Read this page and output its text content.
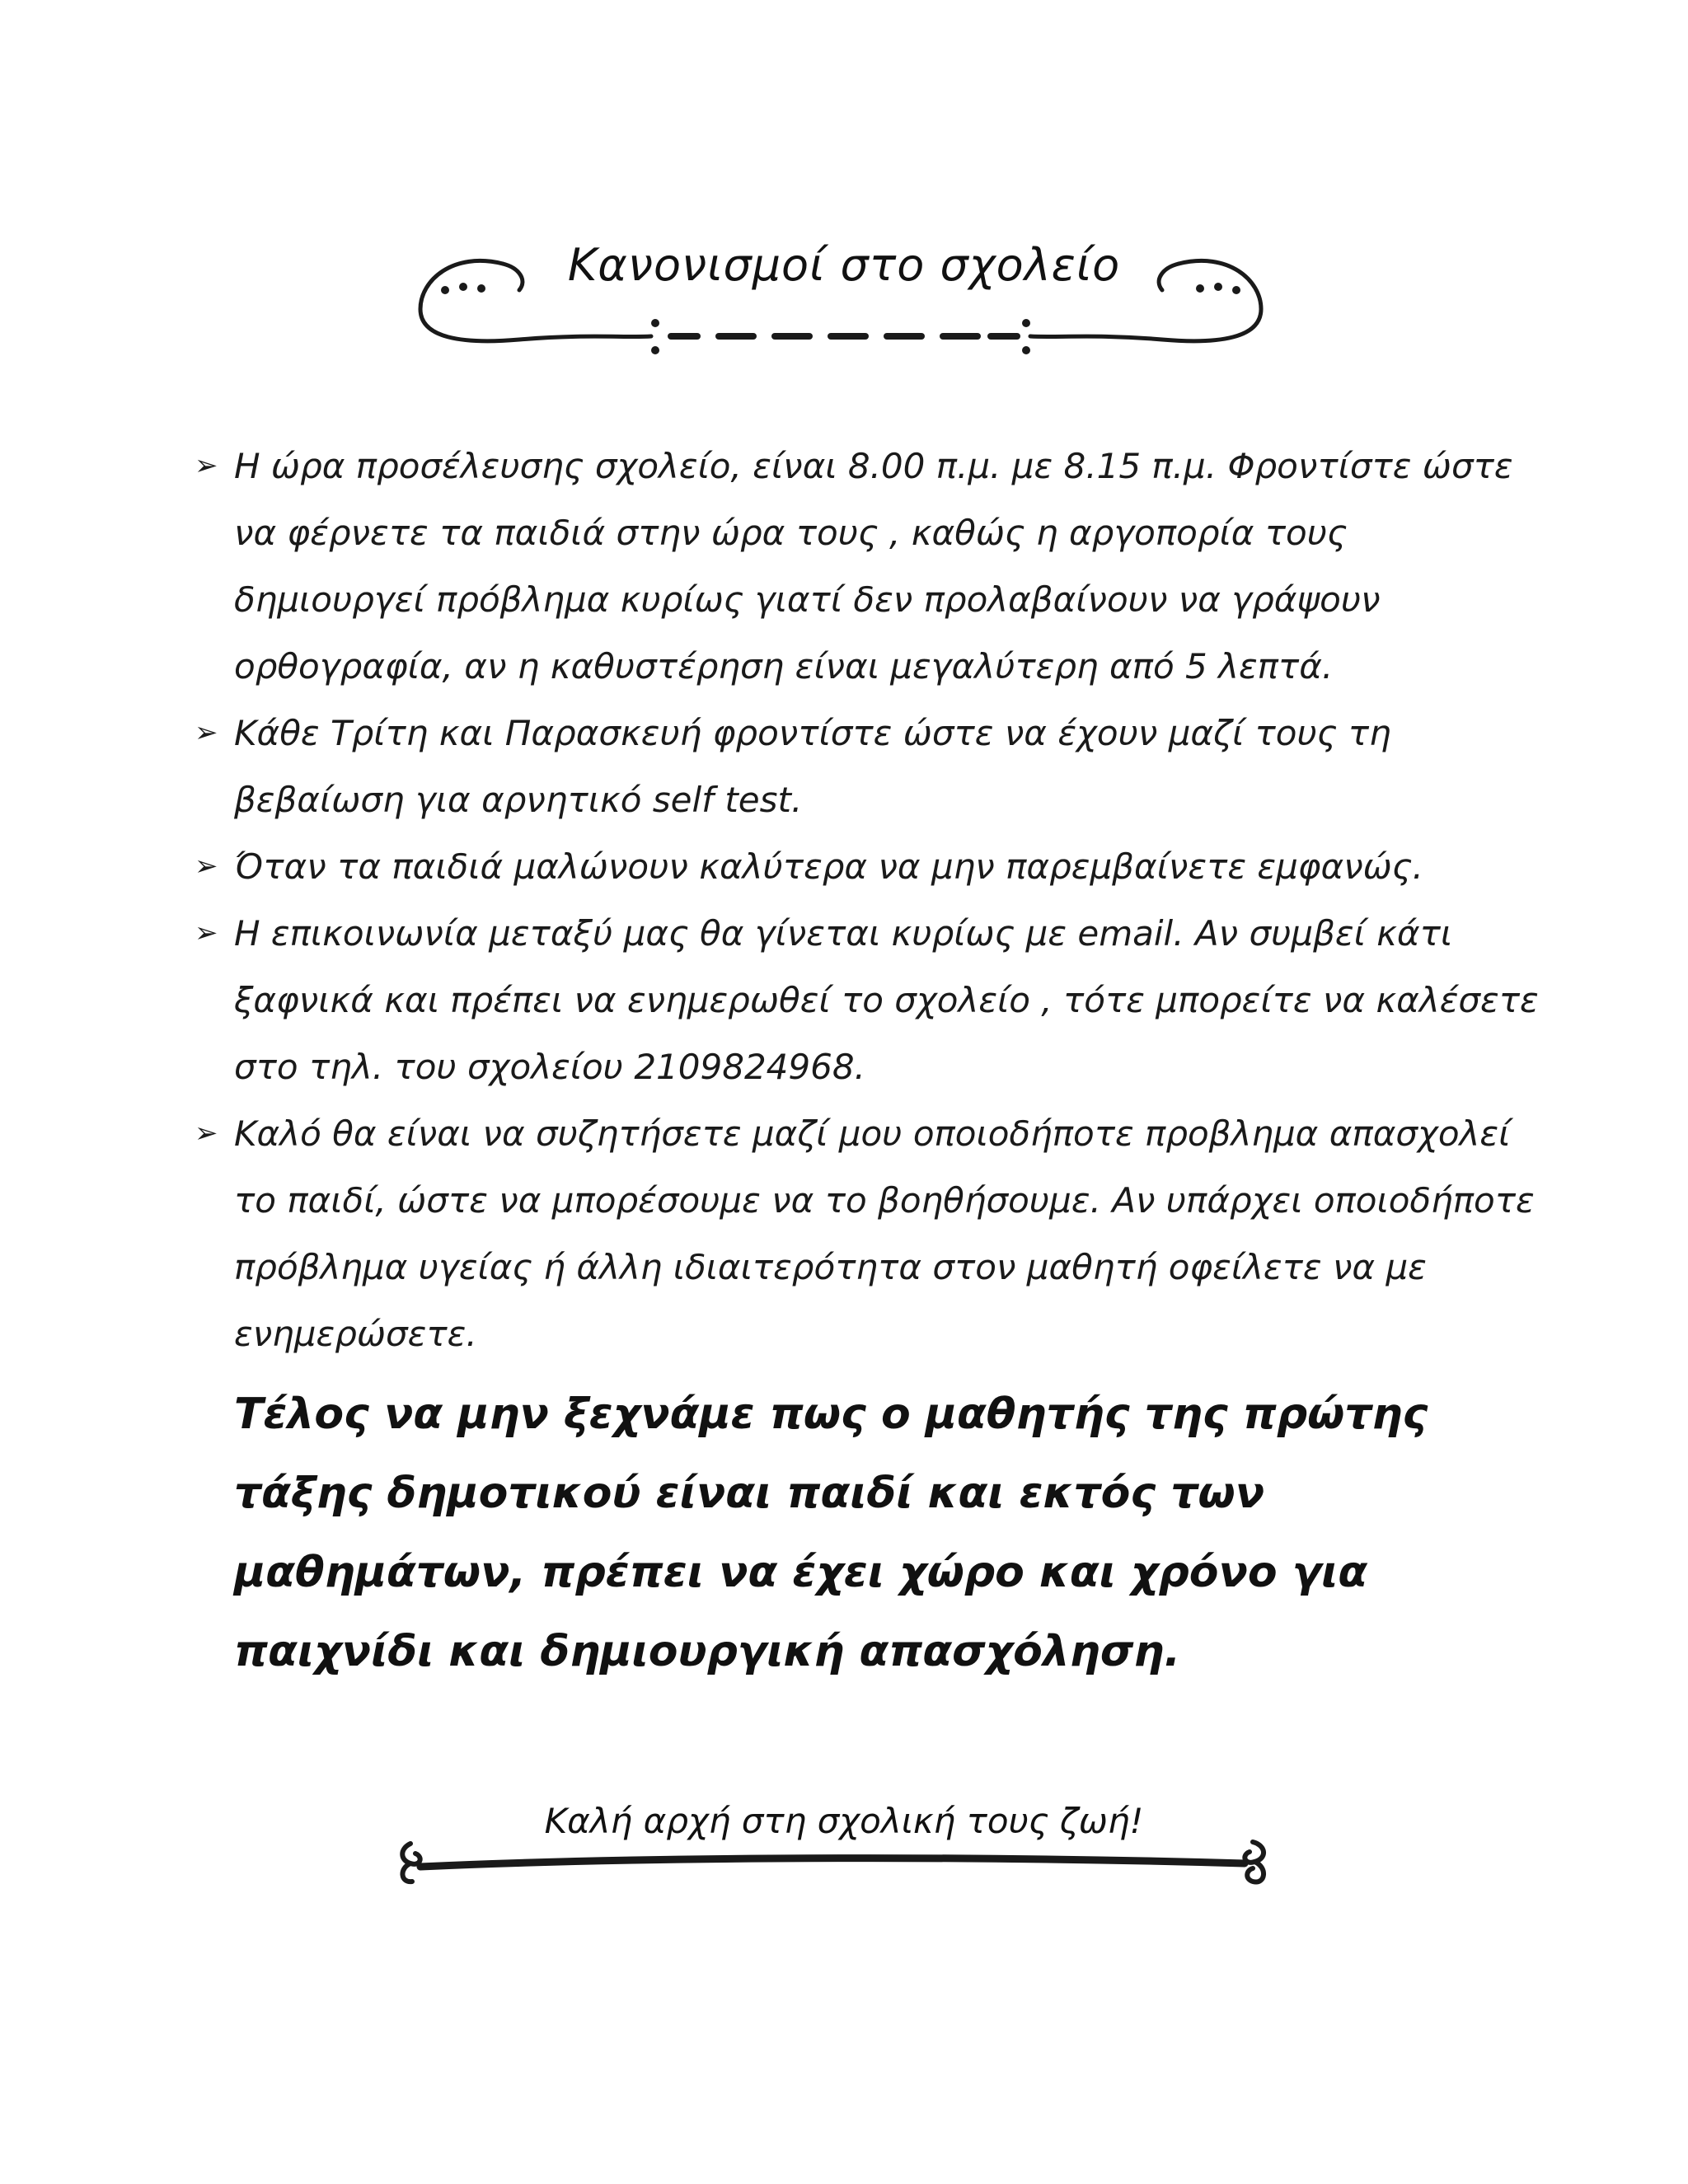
Κανονισμοί στο σχολείο
➢ Η ώρα προσέλευσης σχολείο, είναι 8.00 π.μ. με 8.15 π.μ. Φροντίστε ώστε να φέρνετε τα παιδιά στην ώρα τους , καθώς η αργοπορία τους δημιουργεί πρόβλημα κυρίως γιατί δεν προλαβαίνουν να γράψουν ορθογραφία, αν η καθυστέρηση είναι μεγαλύτερη από 5 λεπτά.
➢ Κάθε Τρίτη και Παρασκευή φροντίστε ώστε να έχουν μαζί τους τη βεβαίωση για αρνητικό self test.
➢ Όταν τα παιδιά μαλώνουν καλύτερα να μην παρεμβαίνετε εμφανώς.
➢ Η επικοινωνία μεταξύ μας θα γίνεται κυρίως με email. Αν συμβεί κάτι ξαφνικά και πρέπει να ενημερωθεί το σχολείο , τότε μπορείτε να καλέσετε στο τηλ. του σχολείου 2109824968.
➢ Καλό θα είναι να συζητήσετε μαζί μου οποιοδήποτε προβλημα απασχολεί το παιδί, ώστε να μπορέσουμε να το βοηθήσουμε. Αν υπάρχει οποιοδήποτε πρόβλημα υγείας ή άλλη ιδιαιτερότητα στον μαθητή οφείλετε να με ενημερώσετε.
Τέλος να μην ξεχνάμε πως ο μαθητής της πρώτης τάξης δημοτικού είναι παιδί και εκτός των μαθημάτων, πρέπει να έχει χώρο και χρόνο για παιχνίδι και δημιουργική απασχόληση.
Καλή αρχή στη σχολική τους ζωή!
